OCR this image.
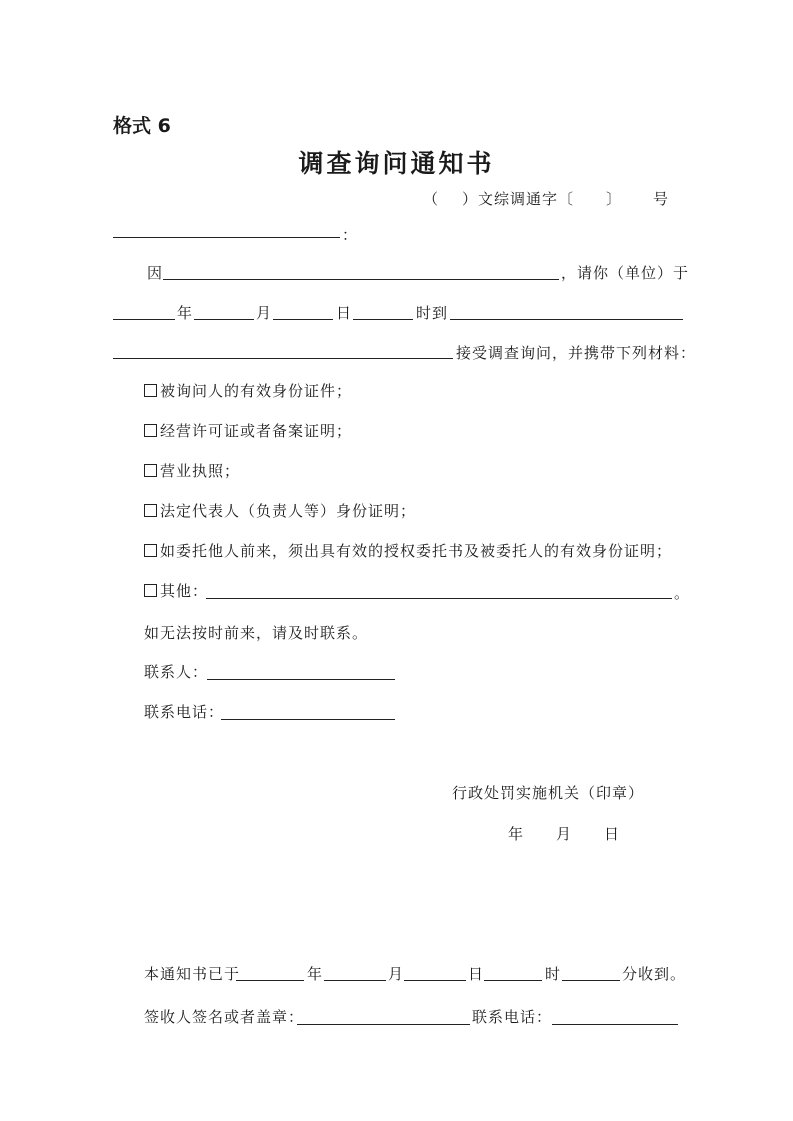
格式 6
调查询问通知书
（ ）文综调通字〔 〕 号
：
因	，请你（单位）于
年	月	日	时到
接受调查询问，并携带下列材料：
被询问人的有效身份证件；
经营许可证或者备案证明；
营业执照；
法定代表人（负责人等）身份证明；
如委托他人前来，须出具有效的授权委托书及被委托人的有效身份证明；
其他：	。
如无法按时前来，请及时联系。
联系人：
联系电话：
行政处罚实施机关（印章）
年 月 日
本通知书已于	年	月	日	时	分收到。
签收人签名或者盖章：	联系电话：
